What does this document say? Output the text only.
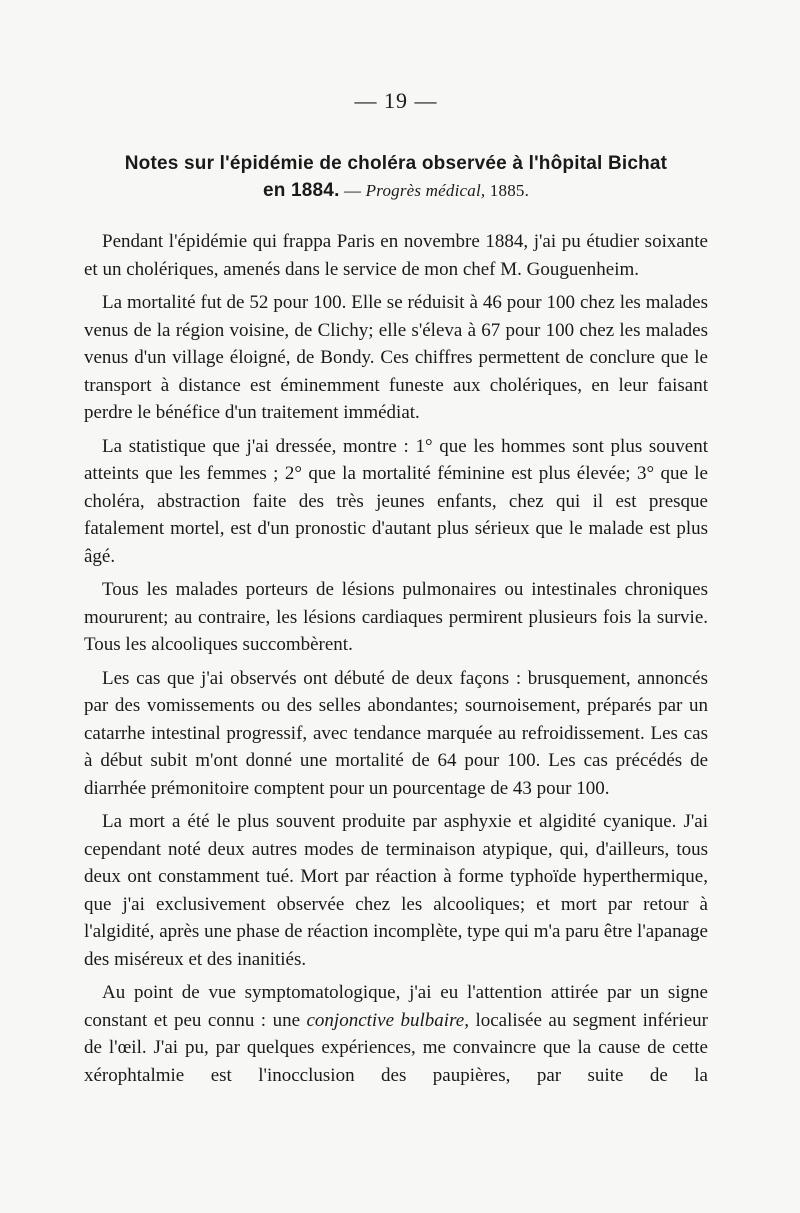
— 19 —
Notes sur l'épidémie de choléra observée à l'hôpital Bichat
en 1884. — Progrès médical, 1885.

Pendant l'épidémie qui frappa Paris en novembre 1884, j'ai pu étudier soixante et un cholériques, amenés dans le service de mon chef M. Gouguenheim.

La mortalité fut de 52 pour 100. Elle se réduisit à 46 pour 100 chez les malades venus de la région voisine, de Clichy; elle s'éleva à 67 pour 100 chez les malades venus d'un village éloigné, de Bondy. Ces chiffres permettent de conclure que le transport à distance est éminemment funeste aux cholériques, en leur faisant perdre le bénéfice d'un traitement immédiat.

La statistique que j'ai dressée, montre : 1° que les hommes sont plus souvent atteints que les femmes ; 2° que la mortalité féminine est plus élevée; 3° que le choléra, abstraction faite des très jeunes enfants, chez qui il est presque fatalement mortel, est d'un pronostic d'autant plus sérieux que le malade est plus âgé.

Tous les malades porteurs de lésions pulmonaires ou intestinales chroniques moururent; au contraire, les lésions cardiaques permirent plusieurs fois la survie. Tous les alcooliques succombèrent.

Les cas que j'ai observés ont débuté de deux façons : brusquement, annoncés par des vomissements ou des selles abondantes; sournoisement, préparés par un catarrhe intestinal progressif, avec tendance marquée au refroidissement. Les cas à début subit m'ont donné une mortalité de 64 pour 100. Les cas précédés de diarrhée prémonitoire comptent pour un pourcentage de 43 pour 100.

La mort a été le plus souvent produite par asphyxie et algidité cyanique. J'ai cependant noté deux autres modes de terminaison atypique, qui, d'ailleurs, tous deux ont constamment tué. Mort par réaction à forme typhoïde hyperthermique, que j'ai exclusivement observée chez les alcooliques; et mort par retour à l'algidité, après une phase de réaction incomplète, type qui m'a paru être l'apanage des miséreux et des inanitiés.

Au point de vue symptomatologique, j'ai eu l'attention attirée par un signe constant et peu connu : une conjonctive bulbaire, localisée au segment inférieur de l'œil. J'ai pu, par quelques expériences, me convaincre que la cause de cette xérophtalmie est l'inocclusion des paupières, par suite de la
